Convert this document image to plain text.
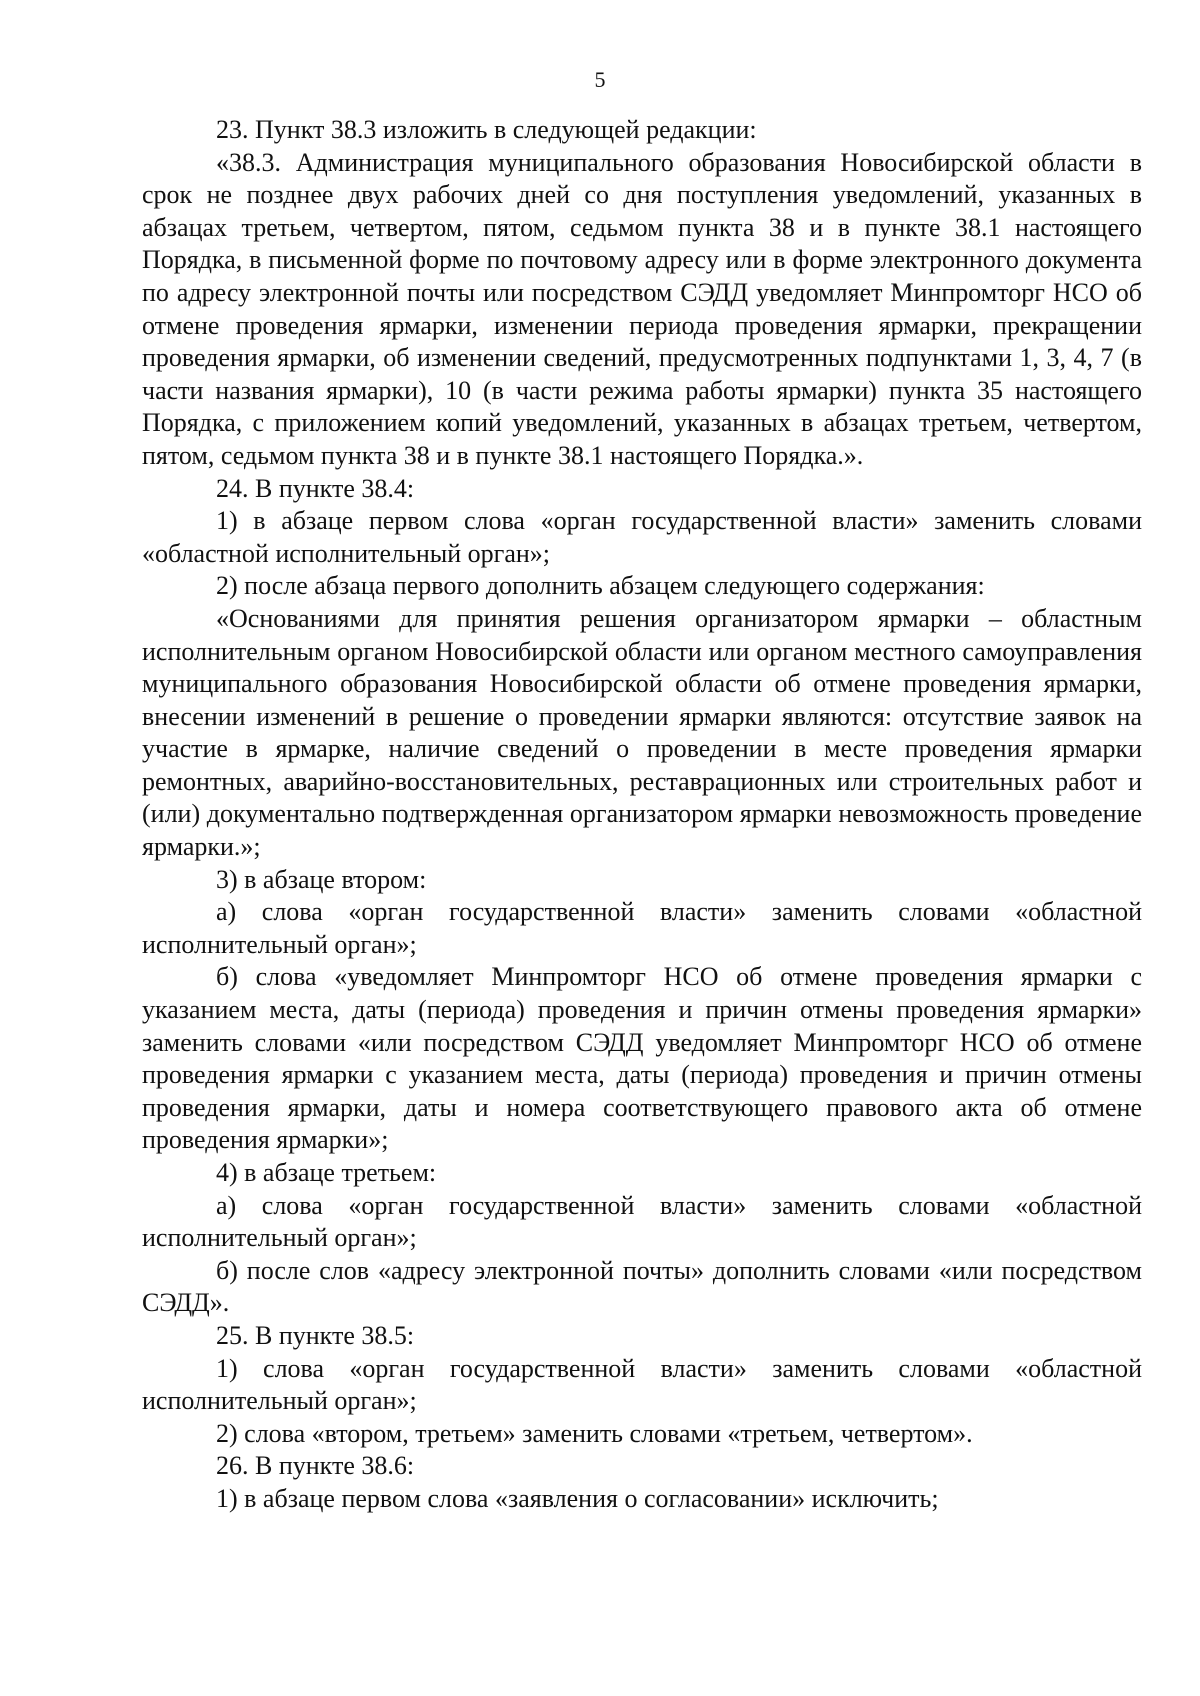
5

23. Пункт 38.3 изложить в следующей редакции:

«38.3. Администрация муниципального образования Новосибирской области в срок не позднее двух рабочих дней со дня поступления уведомлений, указанных в абзацах третьем, четвертом, пятом, седьмом пункта 38 и в пункте 38.1 настоящего Порядка, в письменной форме по почтовому адресу или в форме электронного документа по адресу электронной почты или посредством СЭДД уведомляет Минпромторг НСО об отмене проведения ярмарки, изменении периода проведения ярмарки, прекращении проведения ярмарки, об изменении сведений, предусмотренных подпунктами 1, 3, 4, 7 (в части названия ярмарки), 10 (в части режима работы ярмарки) пункта 35 настоящего Порядка, с приложением копий уведомлений, указанных в абзацах третьем, четвертом, пятом, седьмом пункта 38 и в пункте 38.1 настоящего Порядка.».

24. В пункте 38.4:

1) в абзаце первом слова «орган государственной власти» заменить словами «областной исполнительный орган»;

2) после абзаца первого дополнить абзацем следующего содержания:

«Основаниями для принятия решения организатором ярмарки – областным исполнительным органом Новосибирской области или органом местного самоуправления муниципального образования Новосибирской области об отмене проведения ярмарки, внесении изменений в решение о проведении ярмарки являются: отсутствие заявок на участие в ярмарке, наличие сведений о проведении в месте проведения ярмарки ремонтных, аварийно-восстановительных, реставрационных или строительных работ и (или) документально подтвержденная организатором ярмарки невозможность проведение ярмарки.»;

3) в абзаце втором:

а) слова «орган государственной власти» заменить словами «областной исполнительный орган»;

б) слова «уведомляет Минпромторг НСО об отмене проведения ярмарки с указанием места, даты (периода) проведения и причин отмены проведения ярмарки» заменить словами «или посредством СЭДД уведомляет Минпромторг НСО об отмене проведения ярмарки с указанием места, даты (периода) проведения и причин отмены проведения ярмарки, даты и номера соответствующего правового акта об отмене проведения ярмарки»;

4) в абзаце третьем:

а) слова «орган государственной власти» заменить словами «областной исполнительный орган»;

б) после слов «адресу электронной почты» дополнить словами «или посредством СЭДД».

25. В пункте 38.5:

1) слова «орган государственной власти» заменить словами «областной исполнительный орган»;

2) слова «втором, третьем» заменить словами «третьем, четвертом».

26. В пункте 38.6:

1) в абзаце первом слова «заявления о согласовании» исключить;
